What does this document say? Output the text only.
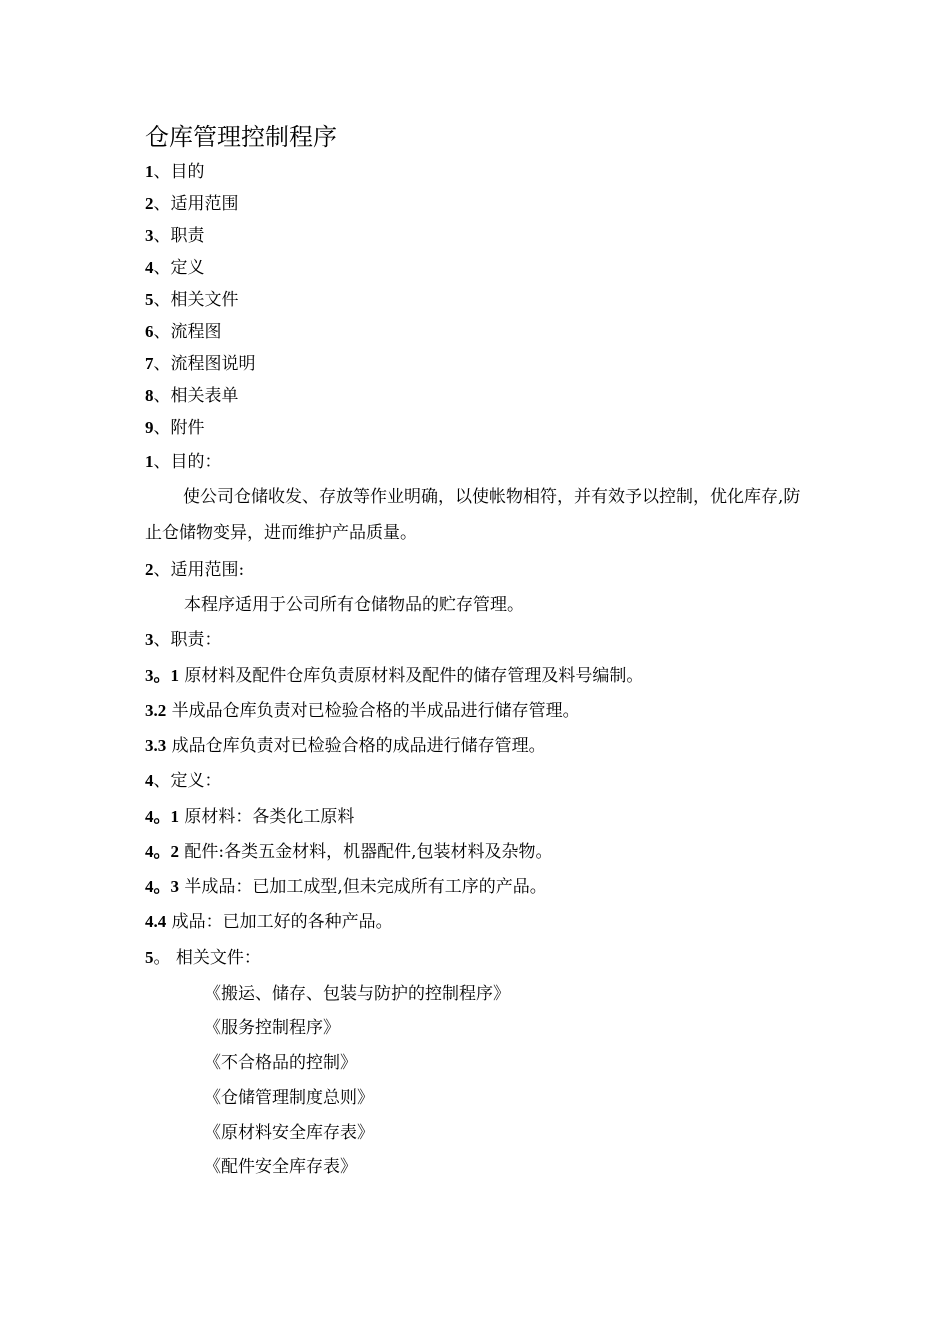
仓库管理控制程序
1、目的
2、适用范围
3、职责
4、定义
5、相关文件
6、流程图
7、流程图说明
8、相关表单
9、附件
1、目的：
使公司仓储收发、存放等作业明确，以使帐物相符，并有效予以控制，优化库存,防止仓储物变异，进而维护产品质量。
2、适用范围:
本程序适用于公司所有仓储物品的贮存管理。
3、职责：
3。1 原材料及配件仓库负责原材料及配件的储存管理及料号编制。
3.2 半成品仓库负责对已检验合格的半成品进行储存管理。
3.3 成品仓库负责对已检验合格的成品进行储存管理。
4、定义：
4。1 原材料：各类化工原料
4。2 配件:各类五金材料，机器配件,包装材料及杂物。
4。3 半成品：已加工成型,但未完成所有工序的产品。
4.4 成品：已加工好的各种产品。
5。 相关文件：
《搬运、储存、包装与防护的控制程序》
《服务控制程序》
《不合格品的控制》
《仓储管理制度总则》
《原材料安全库存表》
《配件安全库存表》
